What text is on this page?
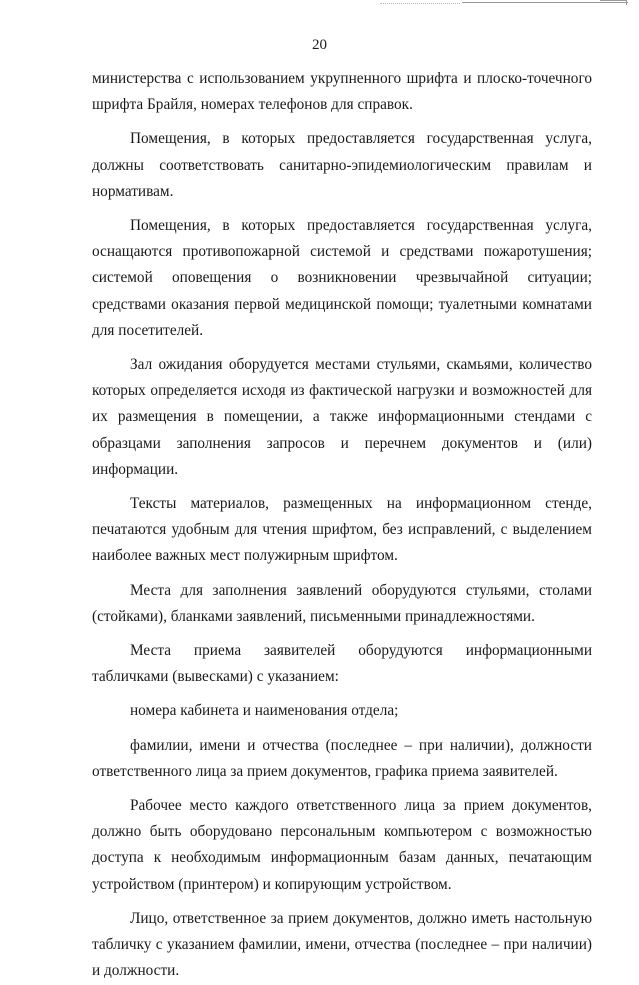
20

министерства с использованием укрупненного шрифта и плоско-точечного шрифта Брайля, номерах телефонов для справок.

Помещения, в которых предоставляется государственная услуга, должны соответствовать санитарно-эпидемиологическим правилам и нормативам.

Помещения, в которых предоставляется государственная услуга, оснащаются противопожарной системой и средствами пожаротушения; системой оповещения о возникновении чрезвычайной ситуации; средствами оказания первой медицинской помощи; туалетными комнатами для посетителей.

Зал ожидания оборудуется местами стульями, скамьями, количество которых определяется исходя из фактической нагрузки и возможностей для их размещения в помещении, а также информационными стендами с образцами заполнения запросов и перечнем документов и (или) информации.

Тексты материалов, размещенных на информационном стенде, печатаются удобным для чтения шрифтом, без исправлений, с выделением наиболее важных мест полужирным шрифтом.

Места для заполнения заявлений оборудуются стульями, столами (стойками), бланками заявлений, письменными принадлежностями.

Места приема заявителей оборудуются информационными табличками (вывесками) с указанием:

номера кабинета и наименования отдела;

фамилии, имени и отчества (последнее – при наличии), должности ответственного лица за прием документов, графика приема заявителей.

Рабочее место каждого ответственного лица за прием документов, должно быть оборудовано персональным компьютером с возможностью доступа к необходимым информационным базам данных, печатающим устройством (принтером) и копирующим устройством.

Лицо, ответственное за прием документов, должно иметь настольную табличку с указанием фамилии, имени, отчества (последнее – при наличии) и должности.
